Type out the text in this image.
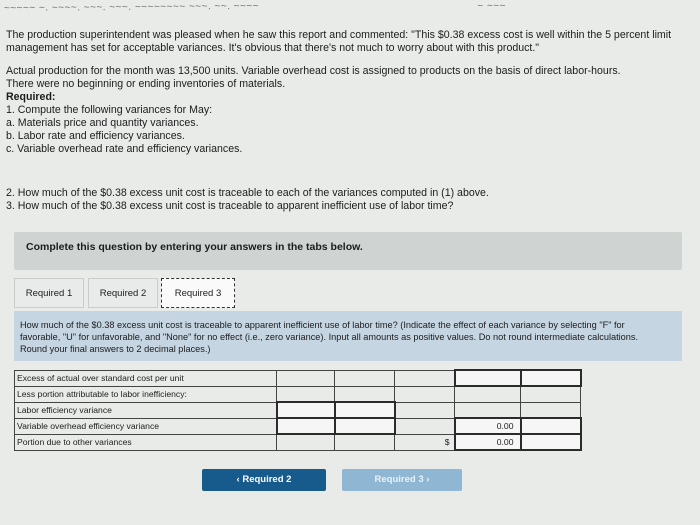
~~~~~ ~. ~~~~. ~~~. ~~~. ~~~~~~~~ ~~~. ~~. ~~~~	~ ~~~

The production superintendent was pleased when he saw this report and commented: "This $0.38 excess cost is well within the 5 percent limit management has set for acceptable variances. It's obvious that there's not much to worry about with this product."

Actual production for the month was 13,500 units. Variable overhead cost is assigned to products on the basis of direct labor-hours.
There were no beginning or ending inventories of materials.
Required:
1. Compute the following variances for May:
a. Materials price and quantity variances.
b. Labor rate and efficiency variances.
c. Variable overhead rate and efficiency variances.
2. How much of the $0.38 excess unit cost is traceable to each of the variances computed in (1) above.
3. How much of the $0.38 excess unit cost is traceable to apparent inefficient use of labor time?
Complete this question by entering your answers in the tabs below.
Required 1	Required 2	Required 3

How much of the $0.38 excess unit cost is traceable to apparent inefficient use of labor time? (Indicate the effect of each variance by selecting "F" for favorable, "U" for unfavorable, and "None" for no effect (i.e., zero variance). Input all amounts as positive values. Do not round intermediate calculations. Round your final answers to 2 decimal places.)

Excess of actual over standard cost per unit					
Less portion attributable to labor inefficiency:					
Labor efficiency variance					
Variable overhead efficiency variance				0.00	
Portion due to other variances			$	0.00	
‹ Required 2	Required 3 ›
